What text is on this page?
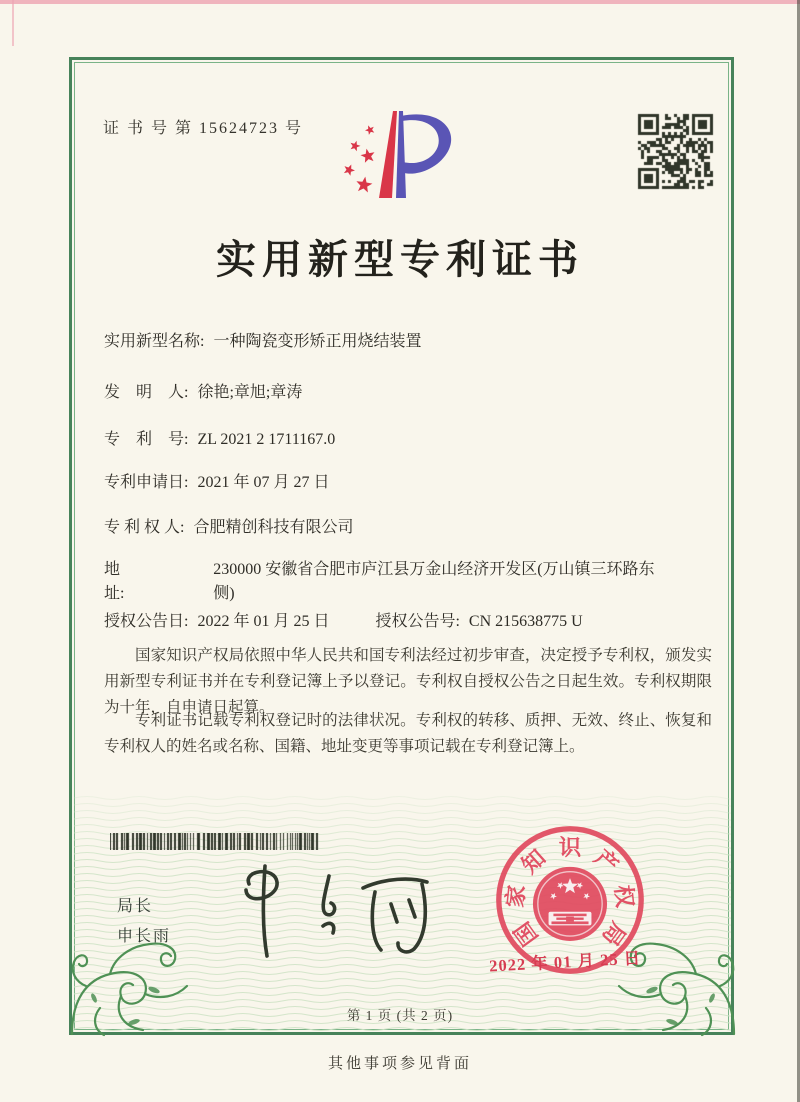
证 书 号 第 15624723 号
实用新型专利证书
实用新型名称: 一种陶瓷变形矫正用烧结装置
发　明　人: 徐艳;章旭;章涛
专　利　号: ZL 2021 2 1711167.0
专利申请日: 2021 年 07 月 27 日
专 利 权 人: 合肥精创科技有限公司
地　　　　址:
230000 安徽省合肥市庐江县万金山经济开发区(万山镇三环路东侧)
授权公告日: 2022 年 01 月 25 日	授权公告号: CN 215638775 U
国家知识产权局依照中华人民共和国专利法经过初步审查，决定授予专利权，颁发实用新型专利证书并在专利登记簿上予以登记。专利权自授权公告之日起生效。专利权期限为十年，自申请日起算。
专利证书记载专利权登记时的法律状况。专利权的转移、质押、无效、终止、恢复和专利权人的姓名或名称、国籍、地址变更等事项记载在专利登记簿上。
局长
申长雨	国
家
知 识 产
权
局
2022 年 01 月 25 日
第 1 页 (共 2 页)
其他事项参见背面
